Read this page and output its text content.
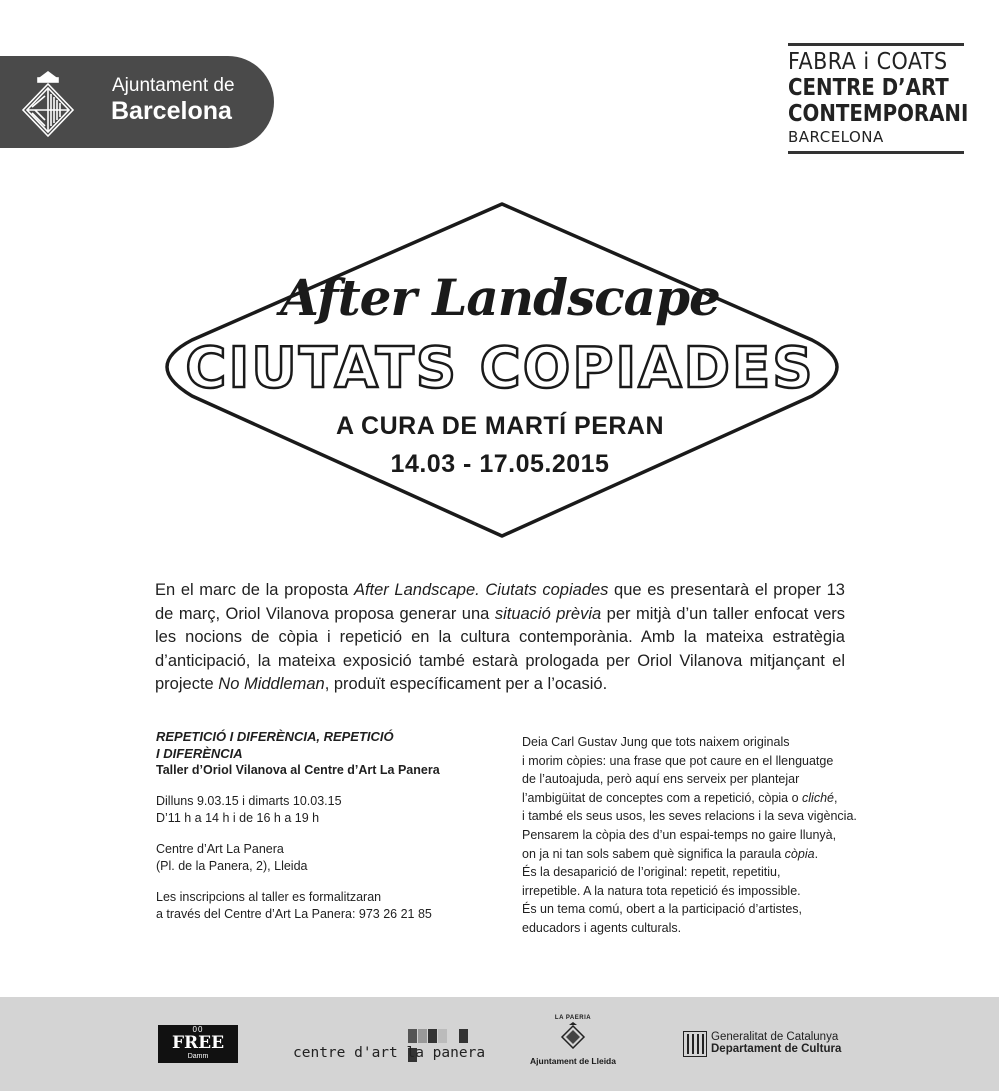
Ajuntament de
Barcelona
FABRA i COATS
CENTRE D’ART
CONTEMPORANI
BARCELONA
After Landscape
CIUTATS COPIADES
A CURA DE MARTÍ PERAN
14.03 - 17.05.2015
En el marc de la proposta After Landscape. Ciutats copiades que es presentarà el proper 13 de març, Oriol Vilanova proposa generar una situació prèvia per mitjà d’un taller enfocat vers les nocions de còpia i repetició en la cultura contemporània. Amb la mateixa estratègia d’anticipació, la mateixa exposició també estarà prologada per Oriol Vilanova mitjançant el projecte No Middleman, produït específicament per a l’ocasió.
REPETICIÓ I DIFERÈNCIA, REPETICIÓ
I DIFERÈNCIA
Taller d’Oriol Vilanova al Centre d’Art La Panera
Dilluns 9.03.15 i dimarts 10.03.15
D’11 h a 14 h i de 16 h a 19 h
Centre d’Art La Panera
(Pl. de la Panera, 2), Lleida
Les inscripcions al taller es formalitzaran
a través del Centre d’Art La Panera: 973 26 21 85
Deia Carl Gustav Jung que tots naixem originals
i morim còpies: una frase que pot caure en el llenguatge
de l’autoajuda, però aquí ens serveix per plantejar
l’ambigüitat de conceptes com a repetició, còpia o cliché,
i també els seus usos, les seves relacions i la seva vigència.
Pensarem la còpia des d’un espai-temps no gaire llunyà,
on ja ni tan sols sabem què significa la paraula còpia.
És la desaparició de l’original: repetit, repetitiu,
irrepetible. A la natura tota repetició és impossible.
És un tema comú, obert a la participació d’artistes,
educadors i agents culturals.
00
FREE
Damm	centre d'art la panera
LA PAERIA
Ajuntament de Lleida
Generalitat de Catalunya
Departament de Cultura
